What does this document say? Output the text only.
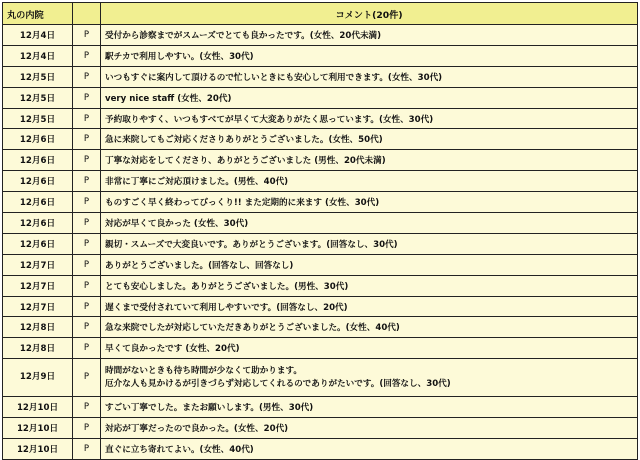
丸の内院		コメント(20件)
12月4日	P	受付から診察までがスムーズでとても良かったです。(女性、20代未満)

12月4日	P	駅チカで利用しやすい。(女性、30代)

12月5日	P	いつもすぐに案内して頂けるので忙しいときにも安心して利用できます。(女性、30代)

12月5日	P	very nice staff (女性、20代)

12月5日	P	予約取りやすく、いつもすべてが早くて大変ありがたく思っています。(女性、30代)

12月6日	P	急に来院してもご対応くださりありがとうございました。(女性、50代)

12月6日	P	丁寧な対応をしてくださり、ありがとうございました (男性、20代未満)

12月6日	P	非常に丁寧にご対応頂けました。(男性、40代)

12月6日	P	ものすごく早く終わってびっくり!! また定期的に来ます (女性、30代)

12月6日	P	対応が早くて良かった (女性、30代)

12月6日	P	親切・スムーズで大変良いです。ありがとうございます。(回答なし、30代)

12月7日	P	ありがとうございました。(回答なし、回答なし)

12月7日	P	とても安心しました。ありがとうございました。(男性、30代)

12月7日	P	遅くまで受付されていて利用しやすいです。(回答なし、20代)

12月8日	P	急な来院でしたが対応していただきありがとうございました。(女性、40代)

12月8日	P	早くて良かったです (女性、20代)

12月9日	P	時間がないときも待ち時間が少なくて助かります。
厄介な人も見かけるが引きづらず対応してくれるのでありがたいです。(回答なし、30代)

12月10日	P	すごい丁寧でした。またお願いします。(男性、30代)

12月10日	P	対応が丁寧だったので良かった。(女性、20代)

12月10日	P	直ぐに立ち寄れてよい。(女性、40代)
